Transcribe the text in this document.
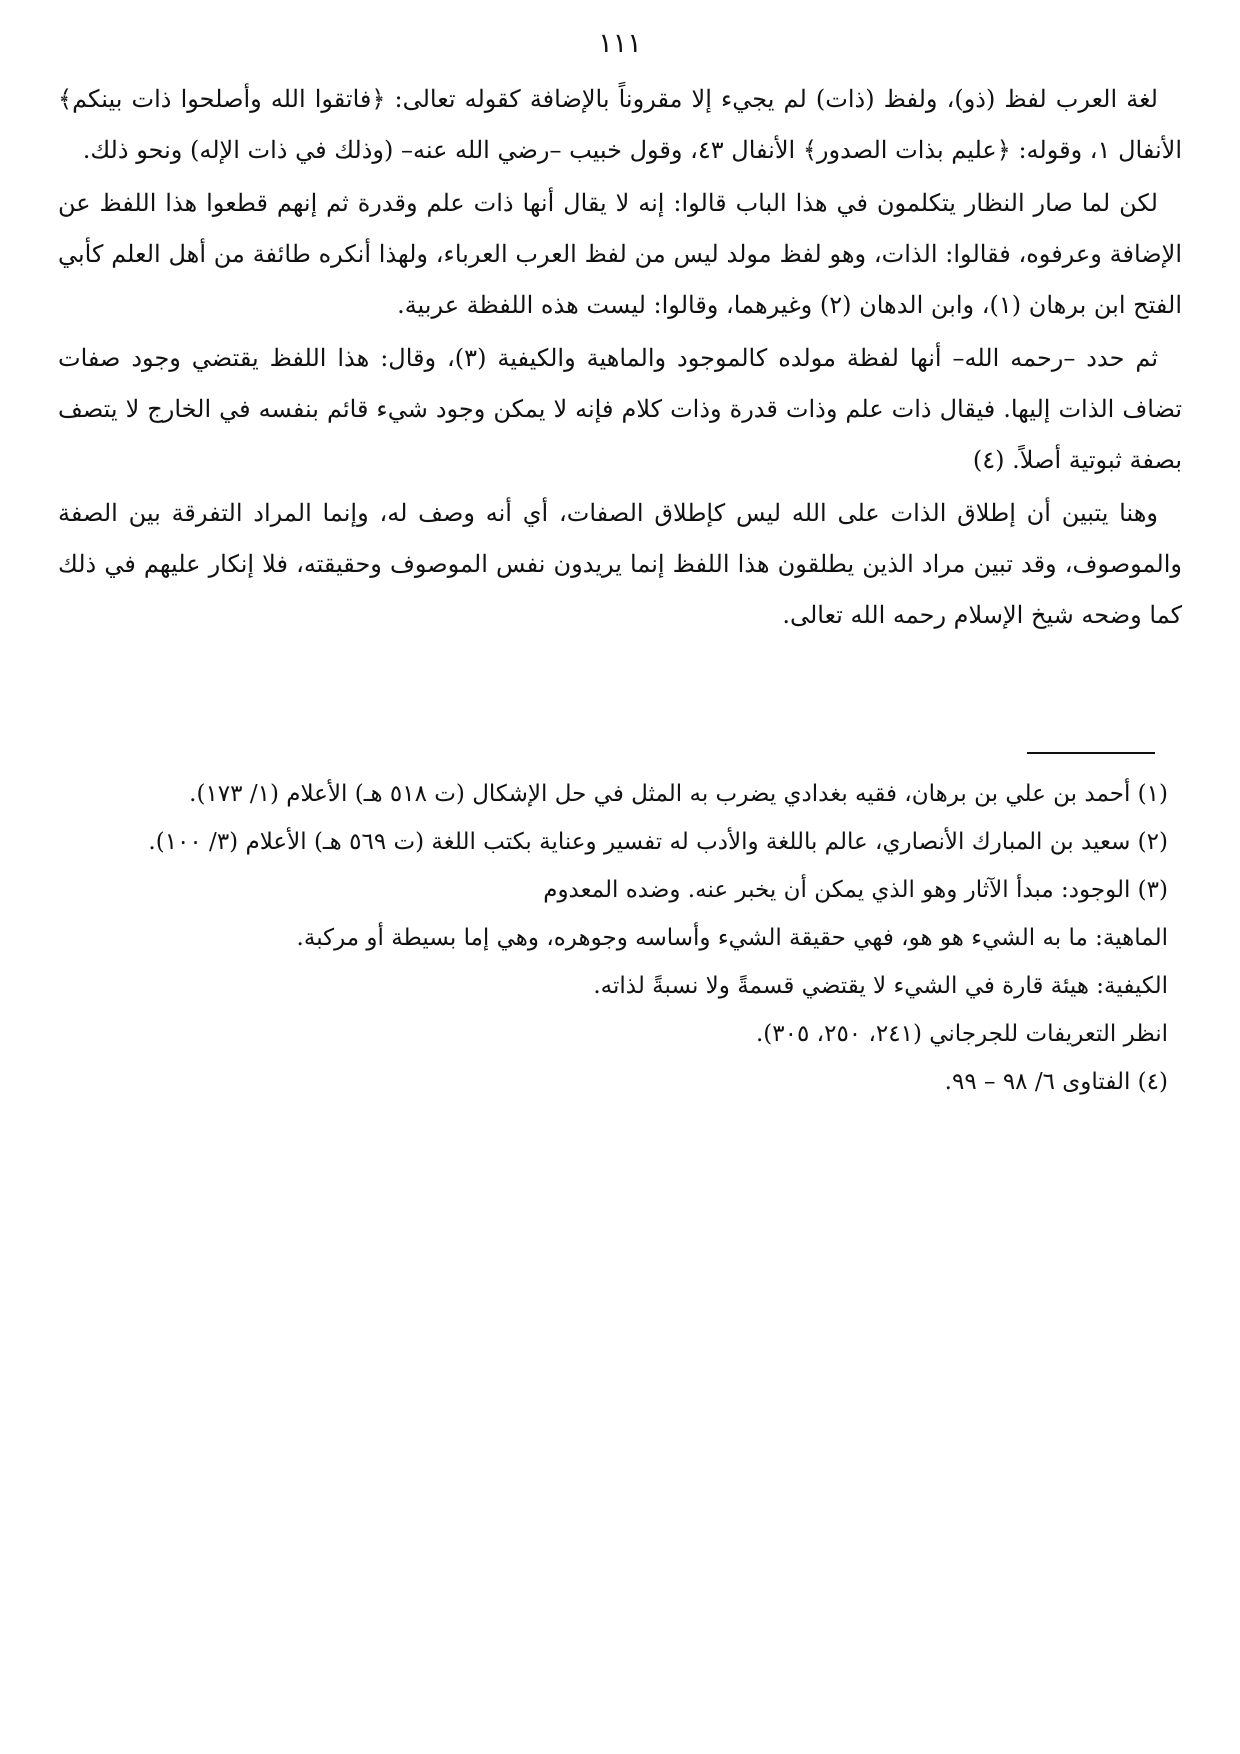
١١١

لغة العرب لفظ (ذو)، ولفظ (ذات) لم يجيء إلا مقروناً بالإضافة كقوله تعالى: ﴿فاتقوا الله وأصلحوا ذات بينكم﴾ الأنفال ١، وقوله: ﴿عليم بذات الصدور﴾ الأنفال ٤٣، وقول خبيب –رضي الله عنه– (وذلك في ذات الإله) ونحو ذلك.

لكن لما صار النظار يتكلمون في هذا الباب قالوا: إنه لا يقال أنها ذات علم وقدرة ثم إنهم قطعوا هذا اللفظ عن الإضافة وعرفوه، فقالوا: الذات، وهو لفظ مولد ليس من لفظ العرب العرباء، ولهذا أنكره طائفة من أهل العلم كأبي الفتح ابن برهان (١)، وابن الدهان (٢) وغيرهما، وقالوا: ليست هذه اللفظة عربية.

ثم حدد –رحمه الله– أنها لفظة مولده كالموجود والماهية والكيفية (٣)، وقال: هذا اللفظ يقتضي وجود صفات تضاف الذات إليها. فيقال ذات علم وذات قدرة وذات كلام فإنه لا يمكن وجود شيء قائم بنفسه في الخارج لا يتصف بصفة ثبوتية أصلاً. (٤)

وهنا يتبين أن إطلاق الذات على الله ليس كإطلاق الصفات، أي أنه وصف له، وإنما المراد التفرقة بين الصفة والموصوف، وقد تبين مراد الذين يطلقون هذا اللفظ إنما يريدون نفس الموصوف وحقيقته، فلا إنكار عليهم في ذلك كما وضحه شيخ الإسلام رحمه الله تعالى.

(١) أحمد بن علي بن برهان، فقيه بغدادي يضرب به المثل في حل الإشكال (ت ٥١٨ هـ) الأعلام (١/ ١٧٣).

(٢) سعيد بن المبارك الأنصاري، عالم باللغة والأدب له تفسير وعناية بكتب اللغة (ت ٥٦٩ هـ) الأعلام (٣/ ١٠٠).

(٣) الوجود: مبدأ الآثار وهو الذي يمكن أن يخبر عنه. وضده المعدوم

الماهية: ما به الشيء هو هو، فهي حقيقة الشيء وأساسه وجوهره، وهي إما بسيطة أو مركبة.

الكيفية: هيئة قارة في الشيء لا يقتضي قسمةً ولا نسبةً لذاته.

انظر التعريفات للجرجاني (٢٤١، ٢٥٠، ٣٠٥).

(٤) الفتاوى ٦/ ٩٨ – ٩٩.
